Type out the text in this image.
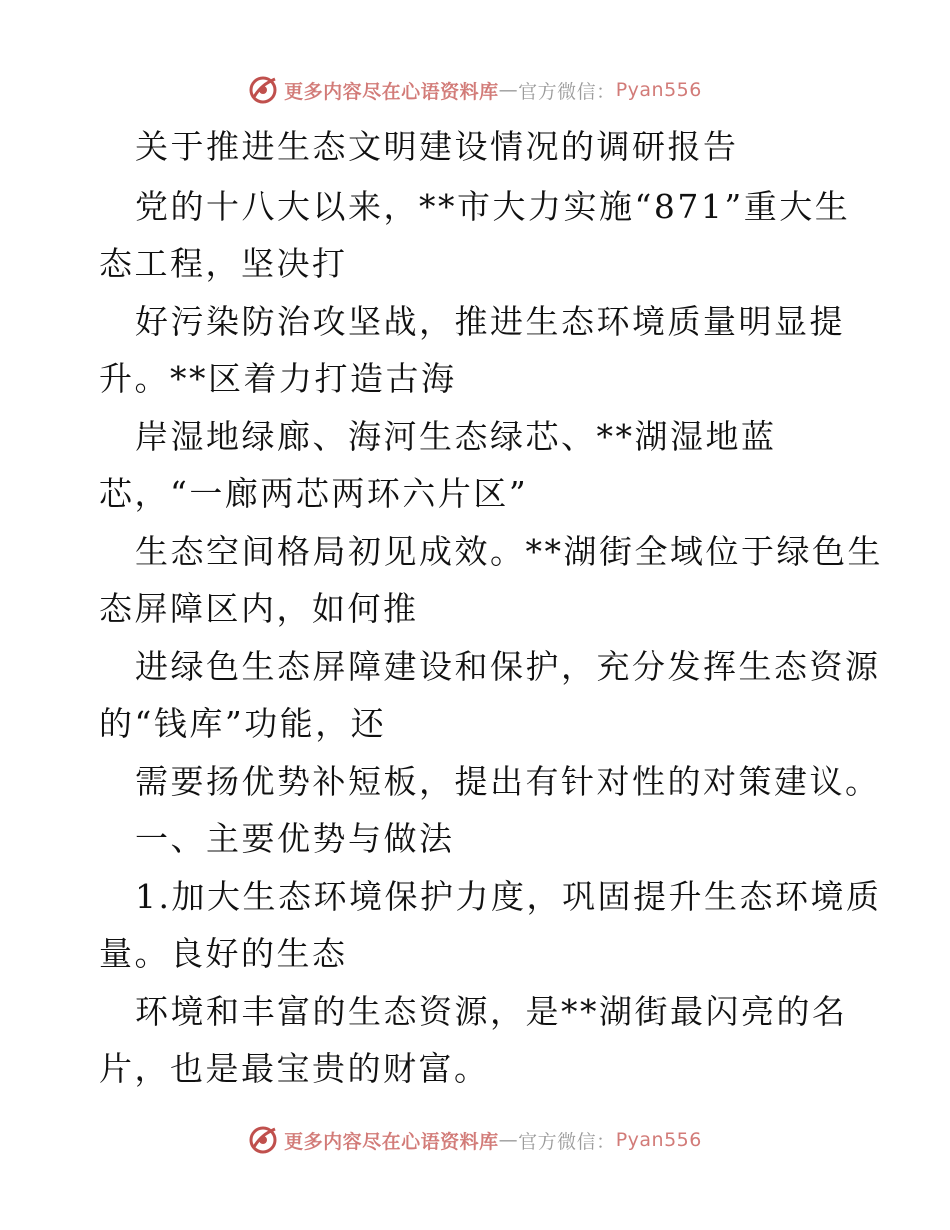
更多内容尽在心语资料库 — 官方微信： Pyan556
关于推进生态文明建设情况的调研报告
党的十八大以来，**市大力实施“871”重大生
态工程，坚决打
好污染防治攻坚战，推进生态环境质量明显提
升。**区着力打造古海
岸湿地绿廊、海河生态绿芯、**湖湿地蓝
芯，“一廊两芯两环六片区”
生态空间格局初见成效。**湖街全域位于绿色生
态屏障区内，如何推
进绿色生态屏障建设和保护，充分发挥生态资源
的“钱库”功能，还
需要扬优势补短板，提出有针对性的对策建议。
一、主要优势与做法
1.加大生态环境保护力度，巩固提升生态环境质
量。良好的生态
环境和丰富的生态资源，是**湖街最闪亮的名
片，也是最宝贵的财富。
更多内容尽在心语资料库 — 官方微信： Pyan556
